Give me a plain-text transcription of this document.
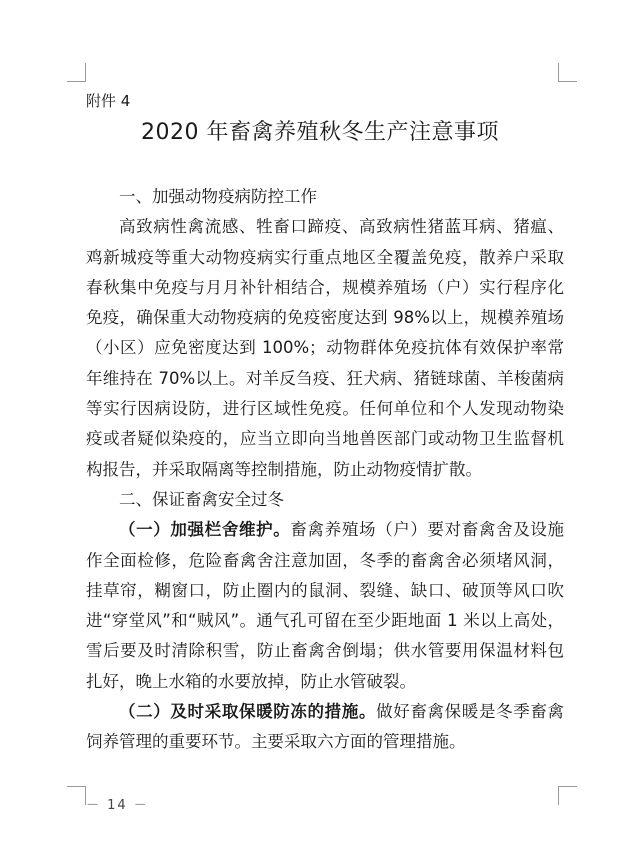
附件 4
2020 年畜禽养殖秋冬生产注意事项
一、加强动物疫病防控工作
高致病性禽流感、牲畜口蹄疫、高致病性猪蓝耳病、猪瘟、
鸡新城疫等重大动物疫病实行重点地区全覆盖免疫，散养户采取
春秋集中免疫与月月补针相结合，规模养殖场（户）实行程序化
免疫，确保重大动物疫病的免疫密度达到 98%以上，规模养殖场
（小区）应免密度达到 100%；动物群体免疫抗体有效保护率常
年维持在 70%以上。对羊反刍疫、狂犬病、猪链球菌、羊梭菌病
等实行因病设防，进行区域性免疫。任何单位和个人发现动物染
疫或者疑似染疫的，应当立即向当地兽医部门或动物卫生监督机
构报告，并采取隔离等控制措施，防止动物疫情扩散。
二、保证畜禽安全过冬
（一）加强栏舍维护。畜禽养殖场（户）要对畜禽舍及设施
作全面检修，危险畜禽舍注意加固，冬季的畜禽舍必须堵风洞，
挂草帘，糊窗口，防止圈内的鼠洞、裂缝、缺口、破顶等风口吹
进“穿堂风”和“贼风”。通气孔可留在至少距地面 1 米以上高处，
雪后要及时清除积雪，防止畜禽舍倒塌；供水管要用保温材料包
扎好，晚上水箱的水要放掉，防止水管破裂。
（二）及时采取保暖防冻的措施。做好畜禽保暖是冬季畜禽
饲养管理的重要环节。主要采取六方面的管理措施。
－ 14 －
